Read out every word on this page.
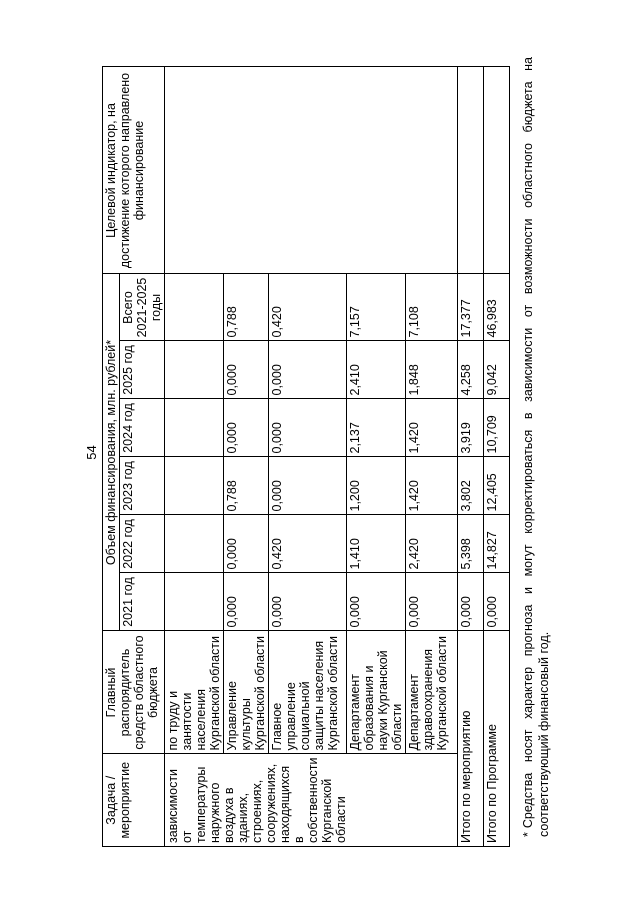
54
Задача / мероприятие	Главный распорядитель средств областного бюджета	Объем финансирования, млн. рублей*						Целевой индикатор, на достижение которого направлено финансирование
		2021 год	2022 год	2023 год	2024 год	2025 год	Всего 2021-2025 годы	
зависимости от температуры наружного воздуха в зданиях, строениях, сооружениях, находящихся в собственности Курганской области	по труду и занятости населения Курганской области							
	Управление культуры Курганской области	0,000	0,000	0,788	0,000	0,000	0,788	
	Главное управление социальной защиты населения Курганской области	0,000	0,420	0,000	0,000	0,000	0,420	
	Департамент образования и науки Курганской области	0,000	1,410	1,200	2,137	2,410	7,157	
	Департамент здравоохранения Курганской области	0,000	2,420	1,420	1,420	1,848	7,108	
Итого по мероприятию		0,000	5,398	3,802	3,919	4,258	17,377	
Итого по Программе		0,000	14,827	12,405	10,709	9,042	46,983	
*Средства носят характер прогноза и могут корректироваться в зависимости от возможности областного бюджета на соответствующий финансовый год.
